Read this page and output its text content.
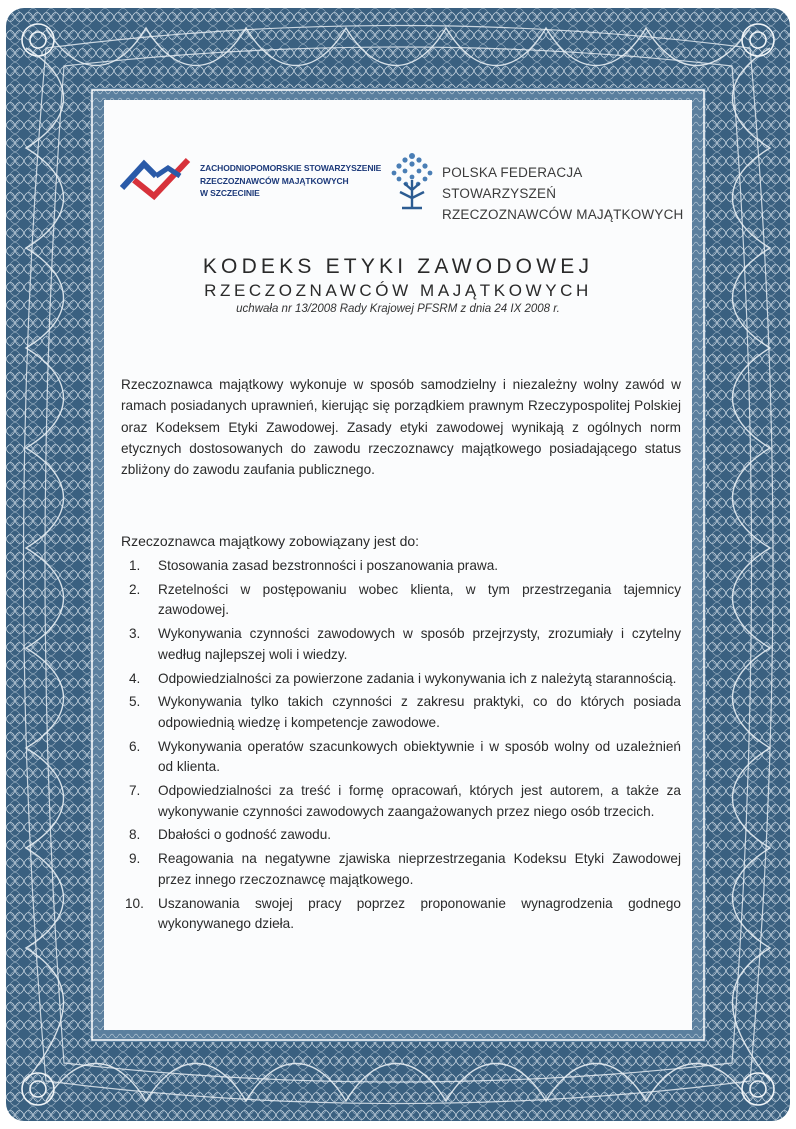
ZACHODNIOPOMORSKIE STOWARZYSZENIE
RZECZOZNAWCÓW MAJĄTKOWYCH
W SZCZECINIE
POLSKA FEDERACJA STOWARZYSZEŃ
RZECZOZNAWCÓW MAJĄTKOWYCH
KODEKS ETYKI ZAWODOWEJ
RZECZOZNAWCÓW MAJĄTKOWYCH
uchwała nr 13/2008 Rady Krajowej PFSRM z dnia 24 IX 2008 r.
Rzeczoznawca majątkowy wykonuje w sposób samodzielny i niezależny wolny zawód w ramach posiadanych uprawnień, kierując się porządkiem prawnym Rzeczypospolitej Polskiej oraz Kodeksem Etyki Zawodowej. Zasady etyki zawodowej wynikają z ogólnych norm etycznych dostosowanych do zawodu rzeczoznawcy majątkowego posiadającego status zbliżony do zawodu zaufania publicznego.
Rzeczoznawca majątkowy zobowiązany jest do:
1. Stosowania zasad bezstronności i poszanowania prawa.
2. Rzetelności w postępowaniu wobec klienta, w tym przestrzegania tajemnicy zawodowej.
3. Wykonywania czynności zawodowych w sposób przejrzysty, zrozumiały i czytelny według najlepszej woli i wiedzy.
4. Odpowiedzialności za powierzone zadania i wykonywania ich z należytą starannością.
5. Wykonywania tylko takich czynności z zakresu praktyki, co do których posiada odpowiednią wiedzę i kompetencje zawodowe.
6. Wykonywania operatów szacunkowych obiektywnie i w sposób wolny od uzależnień od klienta.
7. Odpowiedzialności za treść i formę opracowań, których jest autorem, a także za wykonywanie czynności zawodowych zaangażowanych przez niego osób trzecich.
8. Dbałości o godność zawodu.
9. Reagowania na negatywne zjawiska nieprzestrzegania Kodeksu Etyki Zawodowej przez innego rzeczoznawcę majątkowego.
10. Uszanowania swojej pracy poprzez proponowanie wynagrodzenia godnego wykonywanego dzieła.
